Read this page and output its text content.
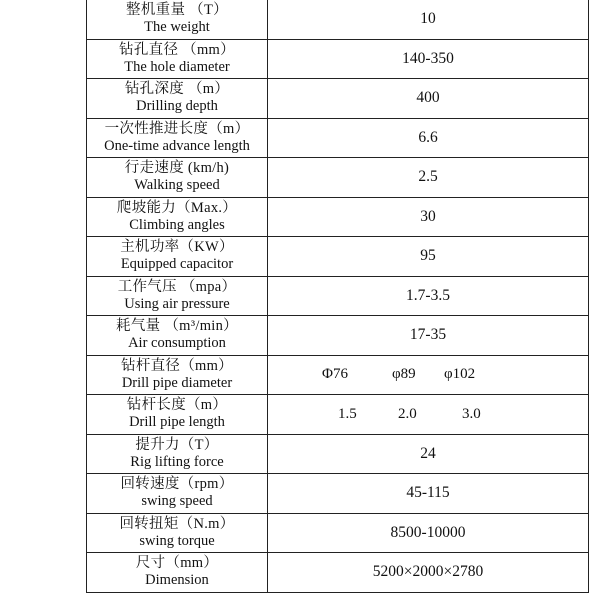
整机重量 （T）
The weight	10

钻孔直径 （mm）
The hole diameter	140-350

钻孔深度 （m）
Drilling depth	400

一次性推进长度（m）
One-time advance length	6.6

行走速度 (km/h)
Walking speed	2.5

爬坡能力（Max.）
Climbing angles	30

主机功率（KW）
Equipped capacitor	95

工作气压 （mpa）
Using air pressure	1.7-3.5

耗气量 （m³/min）
Air consumption	17-35

钻杆直径（mm）
Drill pipe diameter	Φ76 φ89 φ102

钻杆长度（m）
Drill pipe length	1.5 2.0 3.0

提升力（T）
Rig lifting force	24

回转速度（rpm）
swing speed	45-115

回转扭矩（N.m）
swing torque	8500-10000

尺寸（mm）
Dimension	5200×2000×2780
